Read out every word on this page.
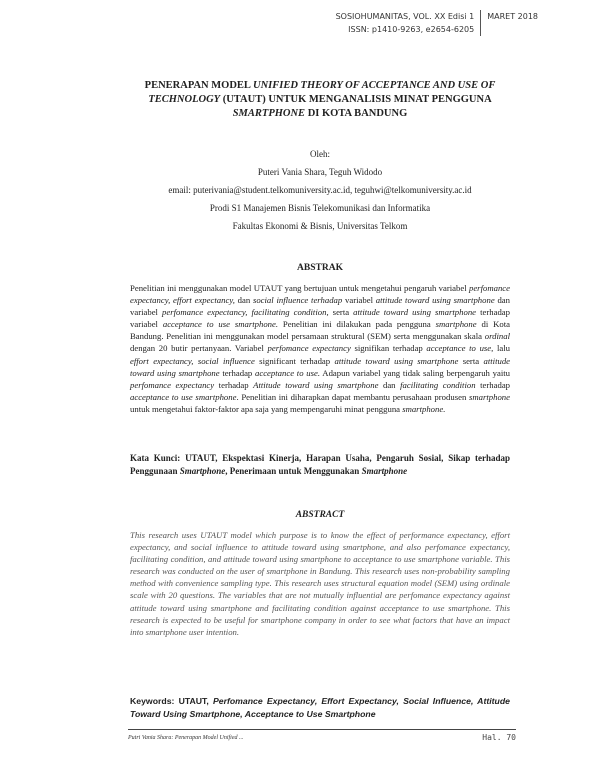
SOSIOHUMANITAS, VOL. XX Edisi 1
ISSN: p1410-9263, e2654-6205
MARET 2018
PENERAPAN MODEL UNIFIED THEORY OF ACCEPTANCE AND USE OF TECHNOLOGY (UTAUT) UNTUK MENGANALISIS MINAT PENGGUNA SMARTPHONE DI KOTA BANDUNG
Oleh:
Puteri Vania Shara, Teguh Widodo
email: puterivania@student.telkomuniversity.ac.id, teguhwi@telkomuniversity.ac.id
Prodi S1 Manajemen Bisnis Telekomunikasi dan Informatika
Fakultas Ekonomi & Bisnis, Universitas Telkom
ABSTRAK
Penelitian ini menggunakan model UTAUT yang bertujuan untuk mengetahui pengaruh variabel perfomance expectancy, effort expectancy, dan social influence terhadap variabel attitude toward using smartphone dan variabel perfomance expectancy, facilitating condition, serta attitude toward using smartphone terhadap variabel acceptance to use smartphone. Penelitian ini dilakukan pada pengguna smartphone di Kota Bandung. Penelitian ini menggunakan model persamaan struktural (SEM) serta menggunakan skala ordinal dengan 20 butir pertanyaan. Variabel perfomance expectancy signifikan terhadap acceptance to use, lalu effort expectancy, social influence significant terhadap attitude toward using smartphone serta attitude toward using smartphone terhadap acceptance to use. Adapun variabel yang tidak saling berpengaruh yaitu perfomance expectancy terhadap Attitude toward using smartphone dan facilitating condition terhadap acceptance to use smartphone. Penelitian ini diharapkan dapat membantu perusahaan produsen smartphone untuk mengetahui faktor-faktor apa saja yang mempengaruhi minat pengguna smartphone.
Kata Kunci: UTAUT, Ekspektasi Kinerja, Harapan Usaha, Pengaruh Sosial, Sikap terhadap Penggunaan Smartphone, Penerimaan untuk Menggunakan Smartphone
ABSTRACT
This research uses UTAUT model which purpose is to know the effect of performance expectancy, effort expectancy, and social influence to attitude toward using smartphone, and also perfomance expectancy, facilitating condition, and attitude toward using smartphone to acceptance to use smartphone variable. This research was conducted on the user of smartphone in Bandung. This research uses non-probability sampling method with convenience sampling type. This research uses structural equation model (SEM) using ordinale scale with 20 questions. The variables that are not mutually influential are perfomance expectancy against attitude toward using smartphone and facilitating condition against acceptance to use smartphone. This research is expected to be useful for smartphone company in order to see what factors that have an impact into smartphone user intention.
Keywords: UTAUT, Perfomance Expectancy, Effort Expectancy, Social Influence, Attitude Toward Using Smartphone, Acceptance to Use Smartphone
Putri Vania Shara: Penerapan Model Unified ...	Hal. 70
